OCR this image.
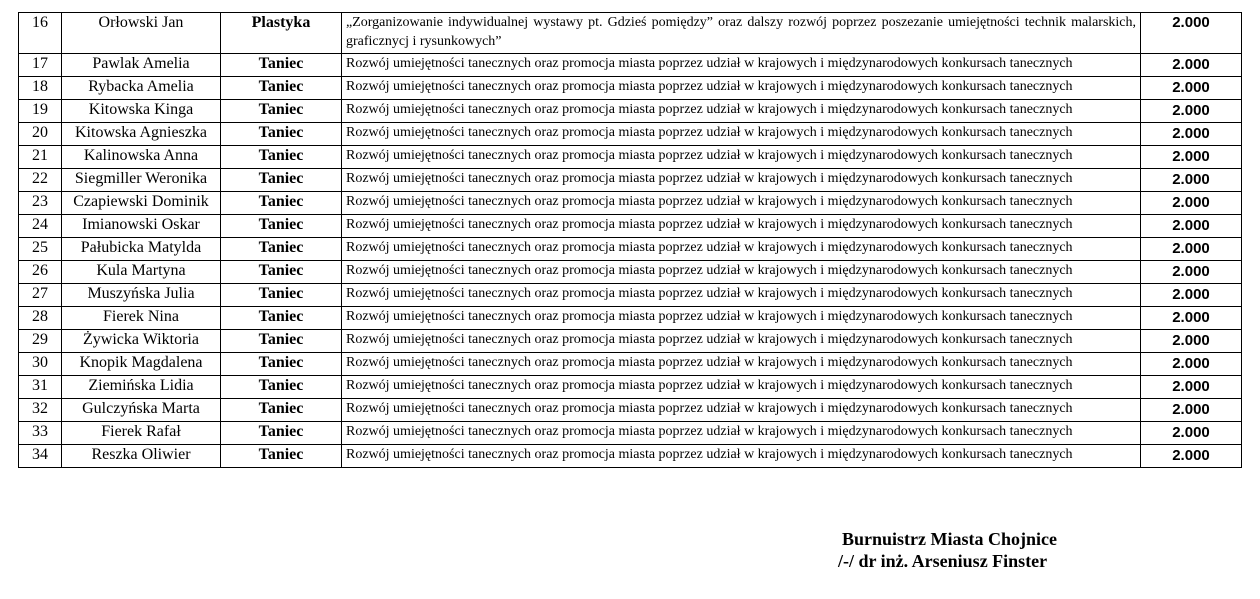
16	Orłowski Jan	Plastyka	„Zorganizowanie indywidualnej wystawy pt. Gdzieś pomiędzy” oraz dalszy rozwój poprzez poszezanie umiejętności technik malarskich, graficznycj i rysunkowych”	2.000
17	Pawlak Amelia	Taniec	Rozwój umiejętności tanecznych oraz promocja miasta poprzez udział w krajowych i międzynarodowych konkursach tanecznych	2.000
18	Rybacka Amelia	Taniec	Rozwój umiejętności tanecznych oraz promocja miasta poprzez udział w krajowych i międzynarodowych konkursach tanecznych	2.000
19	Kitowska Kinga	Taniec	Rozwój umiejętności tanecznych oraz promocja miasta poprzez udział w krajowych i międzynarodowych konkursach tanecznych	2.000
20	Kitowska Agnieszka	Taniec	Rozwój umiejętności tanecznych oraz promocja miasta poprzez udział w krajowych i międzynarodowych konkursach tanecznych	2.000
21	Kalinowska Anna	Taniec	Rozwój umiejętności tanecznych oraz promocja miasta poprzez udział w krajowych i międzynarodowych konkursach tanecznych	2.000
22	Siegmiller Weronika	Taniec	Rozwój umiejętności tanecznych oraz promocja miasta poprzez udział w krajowych i międzynarodowych konkursach tanecznych	2.000
23	Czapiewski Dominik	Taniec	Rozwój umiejętności tanecznych oraz promocja miasta poprzez udział w krajowych i międzynarodowych konkursach tanecznych	2.000
24	Imianowski Oskar	Taniec	Rozwój umiejętności tanecznych oraz promocja miasta poprzez udział w krajowych i międzynarodowych konkursach tanecznych	2.000
25	Pałubicka Matylda	Taniec	Rozwój umiejętności tanecznych oraz promocja miasta poprzez udział w krajowych i międzynarodowych konkursach tanecznych	2.000
26	Kula Martyna	Taniec	Rozwój umiejętności tanecznych oraz promocja miasta poprzez udział w krajowych i międzynarodowych konkursach tanecznych	2.000
27	Muszyńska Julia	Taniec	Rozwój umiejętności tanecznych oraz promocja miasta poprzez udział w krajowych i międzynarodowych konkursach tanecznych	2.000
28	Fierek Nina	Taniec	Rozwój umiejętności tanecznych oraz promocja miasta poprzez udział w krajowych i międzynarodowych konkursach tanecznych	2.000
29	Żywicka Wiktoria	Taniec	Rozwój umiejętności tanecznych oraz promocja miasta poprzez udział w krajowych i międzynarodowych konkursach tanecznych	2.000
30	Knopik Magdalena	Taniec	Rozwój umiejętności tanecznych oraz promocja miasta poprzez udział w krajowych i międzynarodowych konkursach tanecznych	2.000
31	Ziemińska Lidia	Taniec	Rozwój umiejętności tanecznych oraz promocja miasta poprzez udział w krajowych i międzynarodowych konkursach tanecznych	2.000
32	Gulczyńska Marta	Taniec	Rozwój umiejętności tanecznych oraz promocja miasta poprzez udział w krajowych i międzynarodowych konkursach tanecznych	2.000
33	Fierek Rafał	Taniec	Rozwój umiejętności tanecznych oraz promocja miasta poprzez udział w krajowych i międzynarodowych konkursach tanecznych	2.000
34	Reszka Oliwier	Taniec	Rozwój umiejętności tanecznych oraz promocja miasta poprzez udział w krajowych i międzynarodowych konkursach tanecznych	2.000
Burnuistrz Miasta Chojnice
/-/ dr inż. Arseniusz Finster
